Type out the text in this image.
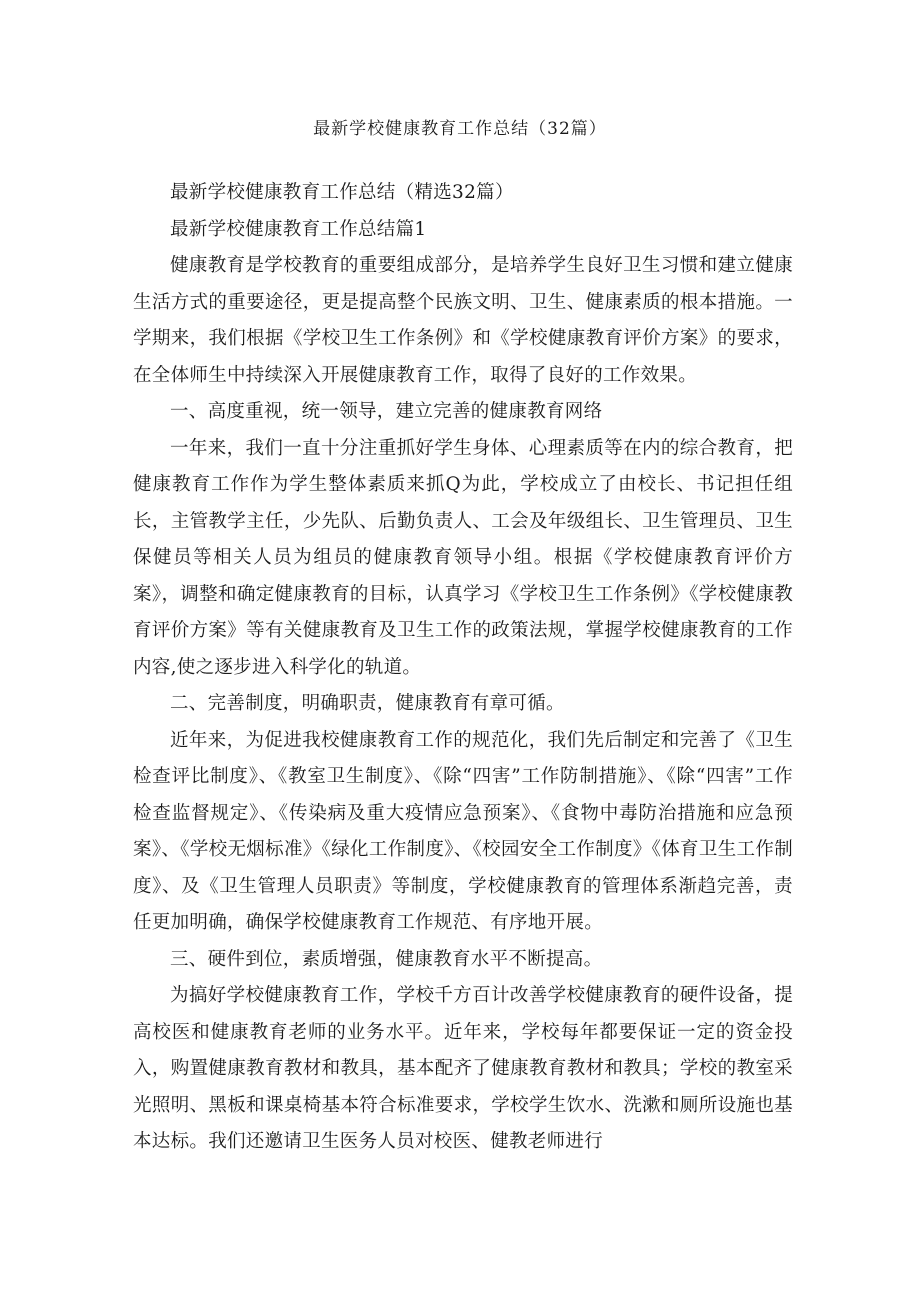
最新学校健康教育工作总结（32篇）

最新学校健康教育工作总结（精选32篇）

最新学校健康教育工作总结篇1

健康教育是学校教育的重要组成部分，是培养学生良好卫生习惯和建立健康生活方式的重要途径，更是提高整个民族文明、卫生、健康素质的根本措施。一学期来，我们根据《学校卫生工作条例》和《学校健康教育评价方案》的要求，在全体师生中持续深入开展健康教育工作，取得了良好的工作效果。

一、高度重视，统一领导，建立完善的健康教育网络

一年来，我们一直十分注重抓好学生身体、心理素质等在内的综合教育，把健康教育工作作为学生整体素质来抓Q为此，学校成立了由校长、书记担任组长，主管教学主任，少先队、后勤负责人、工会及年级组长、卫生管理员、卫生保健员等相关人员为组员的健康教育领导小组。根据《学校健康教育评价方案》，调整和确定健康教育的目标，认真学习《学校卫生工作条例》《学校健康教育评价方案》等有关健康教育及卫生工作的政策法规，掌握学校健康教育的工作内容,使之逐步进入科学化的轨道。

二、完善制度，明确职责，健康教育有章可循。

近年来，为促进我校健康教育工作的规范化，我们先后制定和完善了《卫生检查评比制度》、《教室卫生制度》、《除“四害”工作防制措施》、《除“四害”工作检查监督规定》、《传染病及重大疫情应急预案》、《食物中毒防治措施和应急预案》、《学校无烟标准》《绿化工作制度》、《校园安全工作制度》《体育卫生工作制度》、及《卫生管理人员职责》等制度，学校健康教育的管理体系渐趋完善，责任更加明确，确保学校健康教育工作规范、有序地开展。

三、硬件到位，素质增强，健康教育水平不断提高。

为搞好学校健康教育工作，学校千方百计改善学校健康教育的硬件设备，提高校医和健康教育老师的业务水平。近年来，学校每年都要保证一定的资金投入，购置健康教育教材和教具，基本配齐了健康教育教材和教具；学校的教室采光照明、黑板和课桌椅基本符合标准要求，学校学生饮水、洗漱和厕所设施也基本达标。我们还邀请卫生医务人员对校医、健教老师进行
